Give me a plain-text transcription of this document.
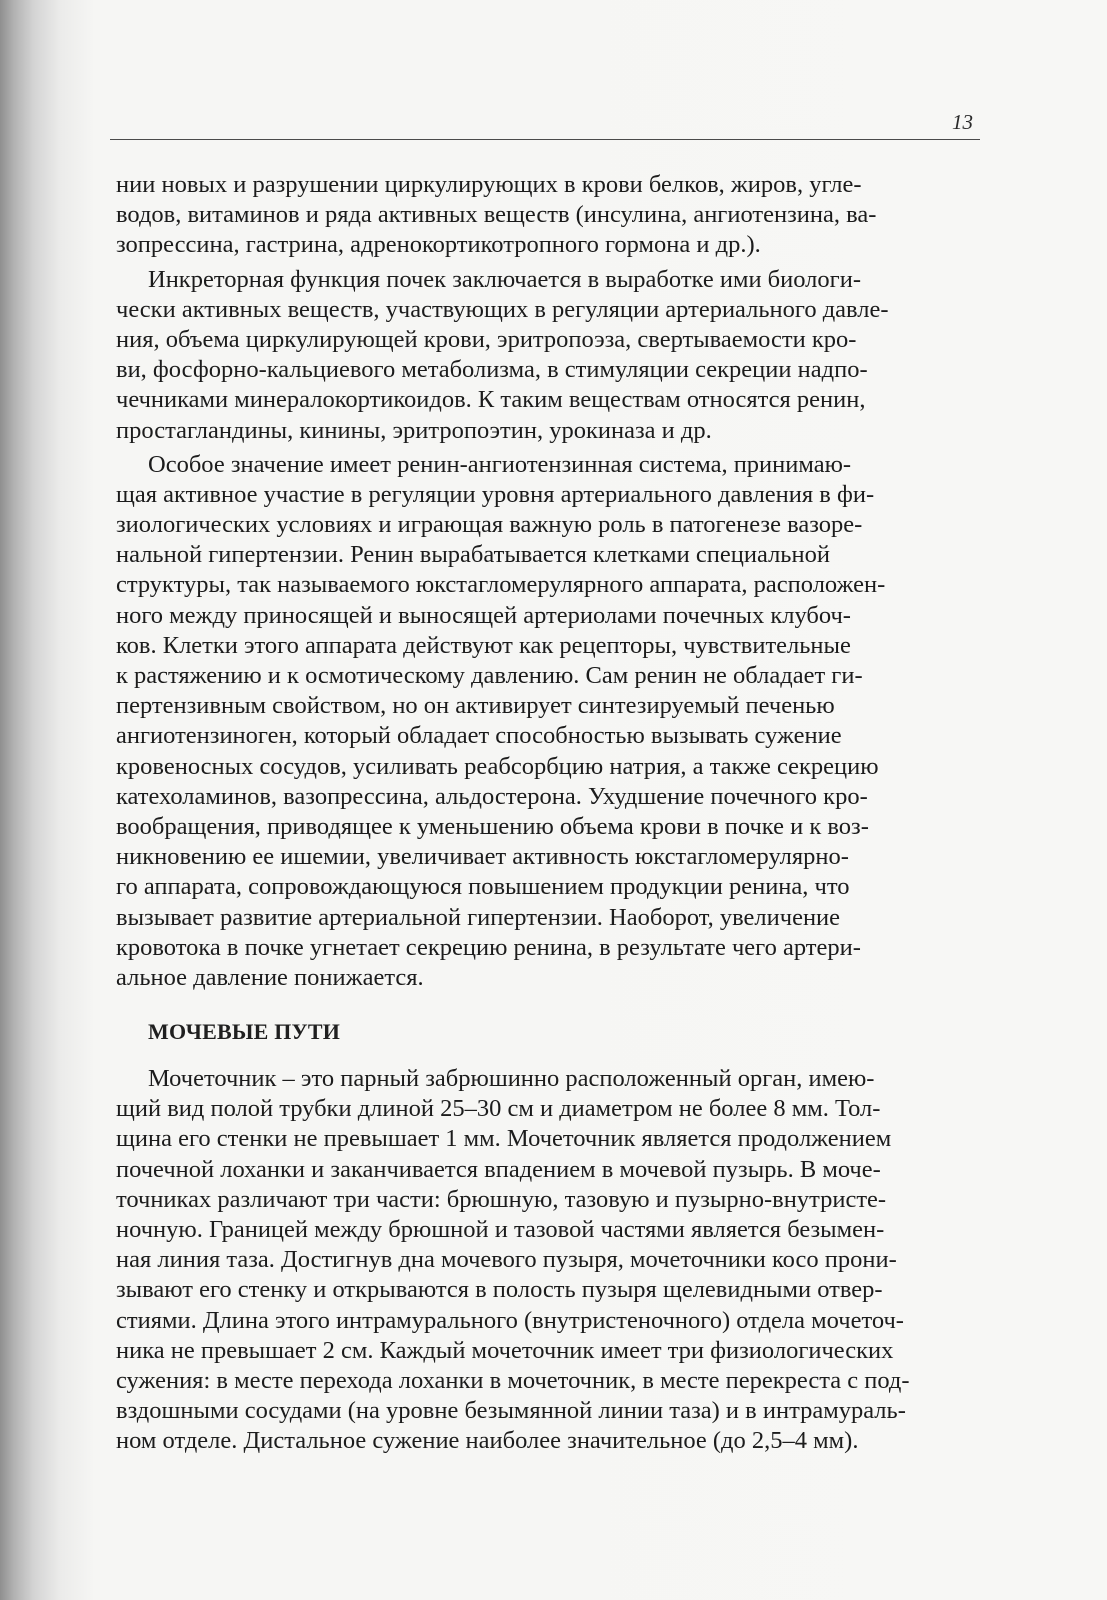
13
нии новых и разрушении циркулирующих в крови белков, жиров, угле-
водов, витаминов и ряда активных веществ (инсулина, ангиотензина, ва-
зопрессина, гастрина, адренокортикотропного гормона и др.).
Инкреторная функция почек заключается в выработке ими биологи-
чески активных веществ, участвующих в регуляции артериального давле-
ния, объема циркулирующей крови, эритропоэза, свертываемости кро-
ви, фосфорно-кальциевого метаболизма, в стимуляции секреции надпо-
чечниками минералокортикоидов. К таким веществам относятся ренин,
простагландины, кинины, эритропоэтин, урокиназа и др.
Особое значение имеет ренин-ангиотензинная система, принимаю-
щая активное участие в регуляции уровня артериального давления в фи-
зиологических условиях и играющая важную роль в патогенезе вазоре-
нальной гипертензии. Ренин вырабатывается клетками специальной
структуры, так называемого юкстагломерулярного аппарата, расположен-
ного между приносящей и выносящей артериолами почечных клубоч-
ков. Клетки этого аппарата действуют как рецепторы, чувствительные
к растяжению и к осмотическому давлению. Сам ренин не обладает ги-
пертензивным свойством, но он активирует синтезируемый печенью
ангиотензиноген, который обладает способностью вызывать сужение
кровеносных сосудов, усиливать реабсорбцию натрия, а также секрецию
катехоламинов, вазопрессина, альдостерона. Ухудшение почечного кро-
вообращения, приводящее к уменьшению объема крови в почке и к воз-
никновению ее ишемии, увеличивает активность юкстагломерулярно-
го аппарата, сопровождающуюся повышением продукции ренина, что
вызывает развитие артериальной гипертензии. Наоборот, увеличение
кровотока в почке угнетает секрецию ренина, в результате чего артери-
альное давление понижается.
МОЧЕВЫЕ ПУТИ
Мочеточник – это парный забрюшинно расположенный орган, имею-
щий вид полой трубки длиной 25–30 см и диаметром не более 8 мм. Тол-
щина его стенки не превышает 1 мм. Мочеточник является продолжением
почечной лоханки и заканчивается впадением в мочевой пузырь. В моче-
точниках различают три части: брюшную, тазовую и пузырно-внутристе-
ночную. Границей между брюшной и тазовой частями является безымен-
ная линия таза. Достигнув дна мочевого пузыря, мочеточники косо прони-
зывают его стенку и открываются в полость пузыря щелевидными отвер-
стиями. Длина этого интрамурального (внутристеночного) отдела мочеточ-
ника не превышает 2 см. Каждый мочеточник имеет три физиологических
сужения: в месте перехода лоханки в мочеточник, в месте перекреста с под-
вздошными сосудами (на уровне безымянной линии таза) и в интрамураль-
ном отделе. Дистальное сужение наиболее значительное (до 2,5–4 мм).
